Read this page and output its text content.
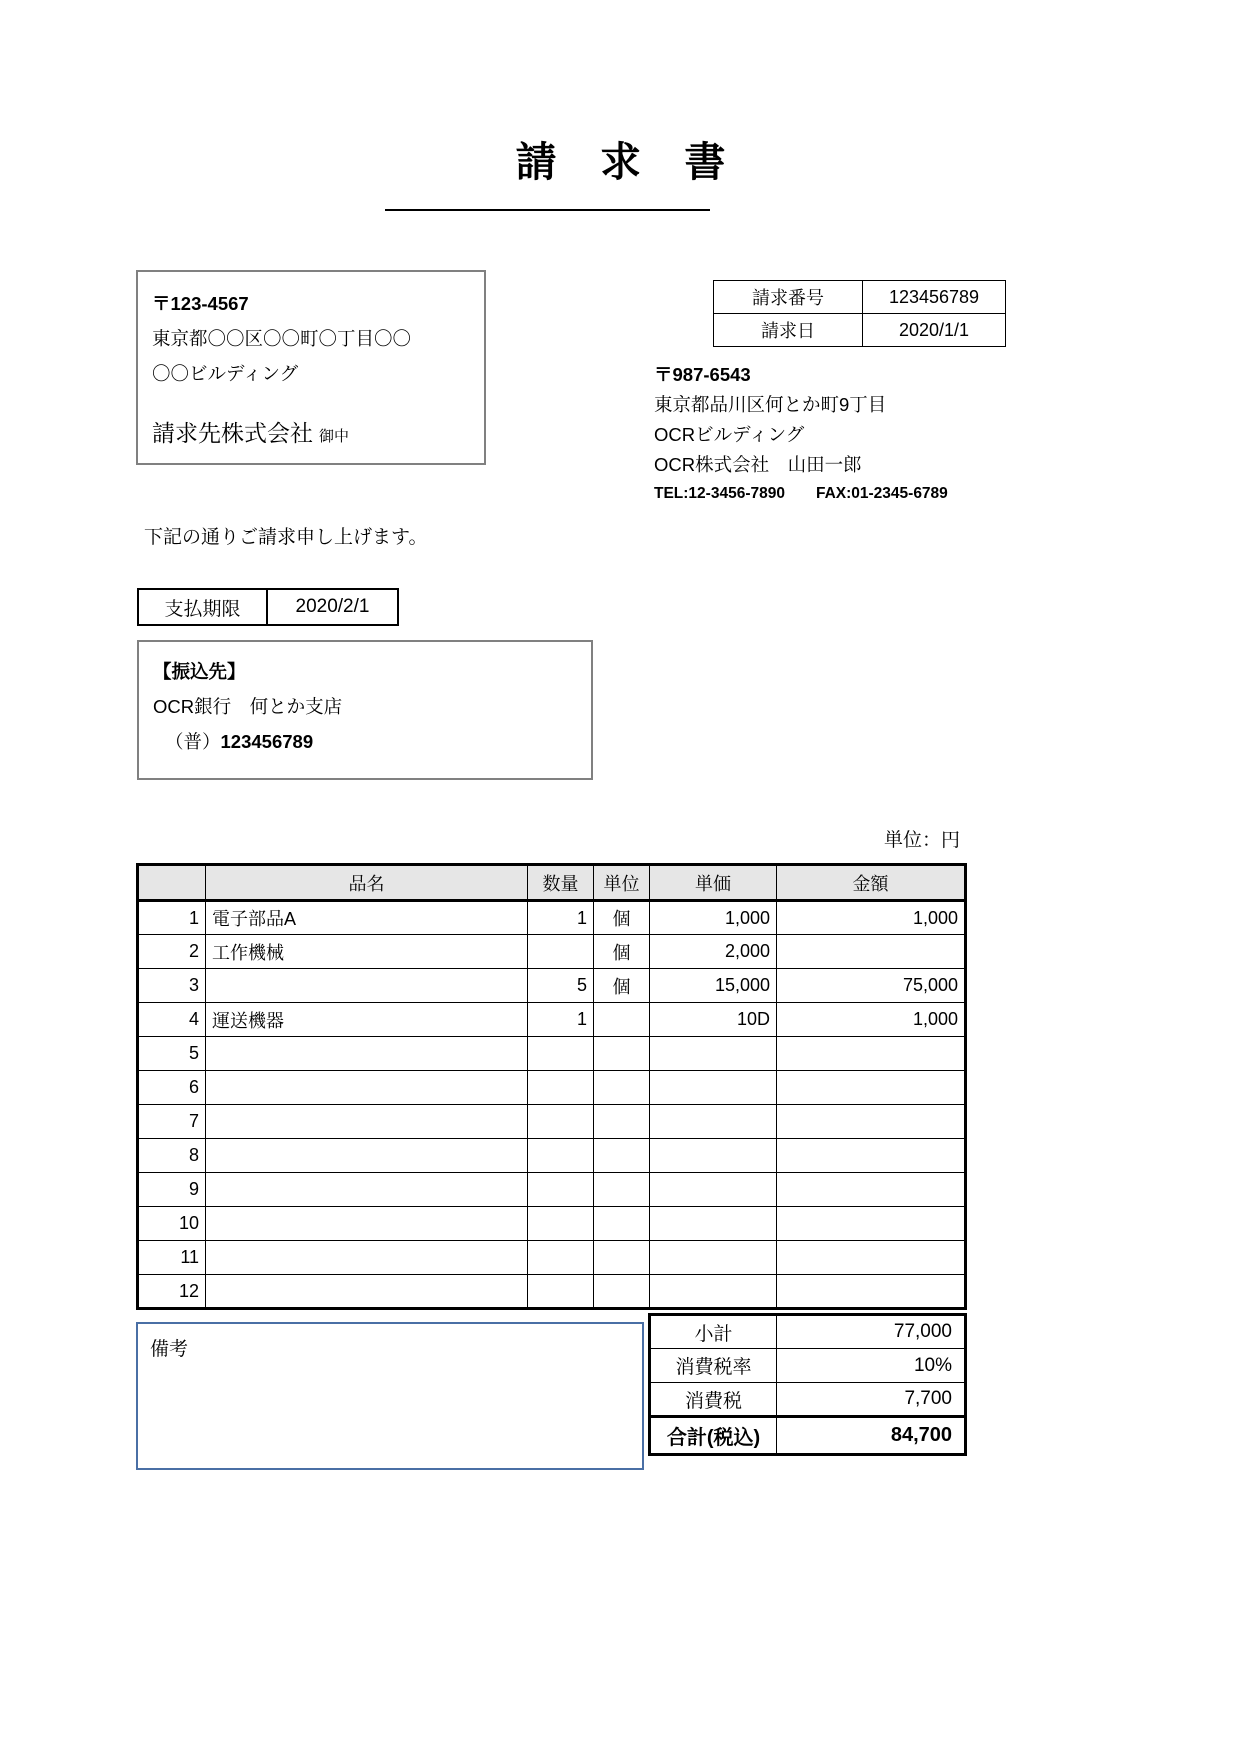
請 求 書
〒123-4567
東京都〇〇区〇〇町〇丁目〇〇
〇〇ビルディング
請求先株式会社 御中
請求番号	123456789
請求日	2020/1/1
〒987-6543
東京都品川区何とか町9丁目
OCRビルディング
OCR株式会社　山田一郎
TEL:12-3456-7890　　FAX:01-2345-6789
下記の通りご請求申し上げます。
支払期限	2020/2/1
【振込先】
OCR銀行　何とか支店
（普）123456789
単位：円
	品名	数量	単位	単価	金額
1	電子部品A	1	個	1,000	1,000
2	工作機械		個	2,000	
3		5	個	15,000	75,000
4	運送機器	1		10D	1,000
5					
6					
7					
8					
9					
10					
11					
12					
備考
小計	77,000
消費税率	10%
消費税	7,700
合計(税込)	84,700
